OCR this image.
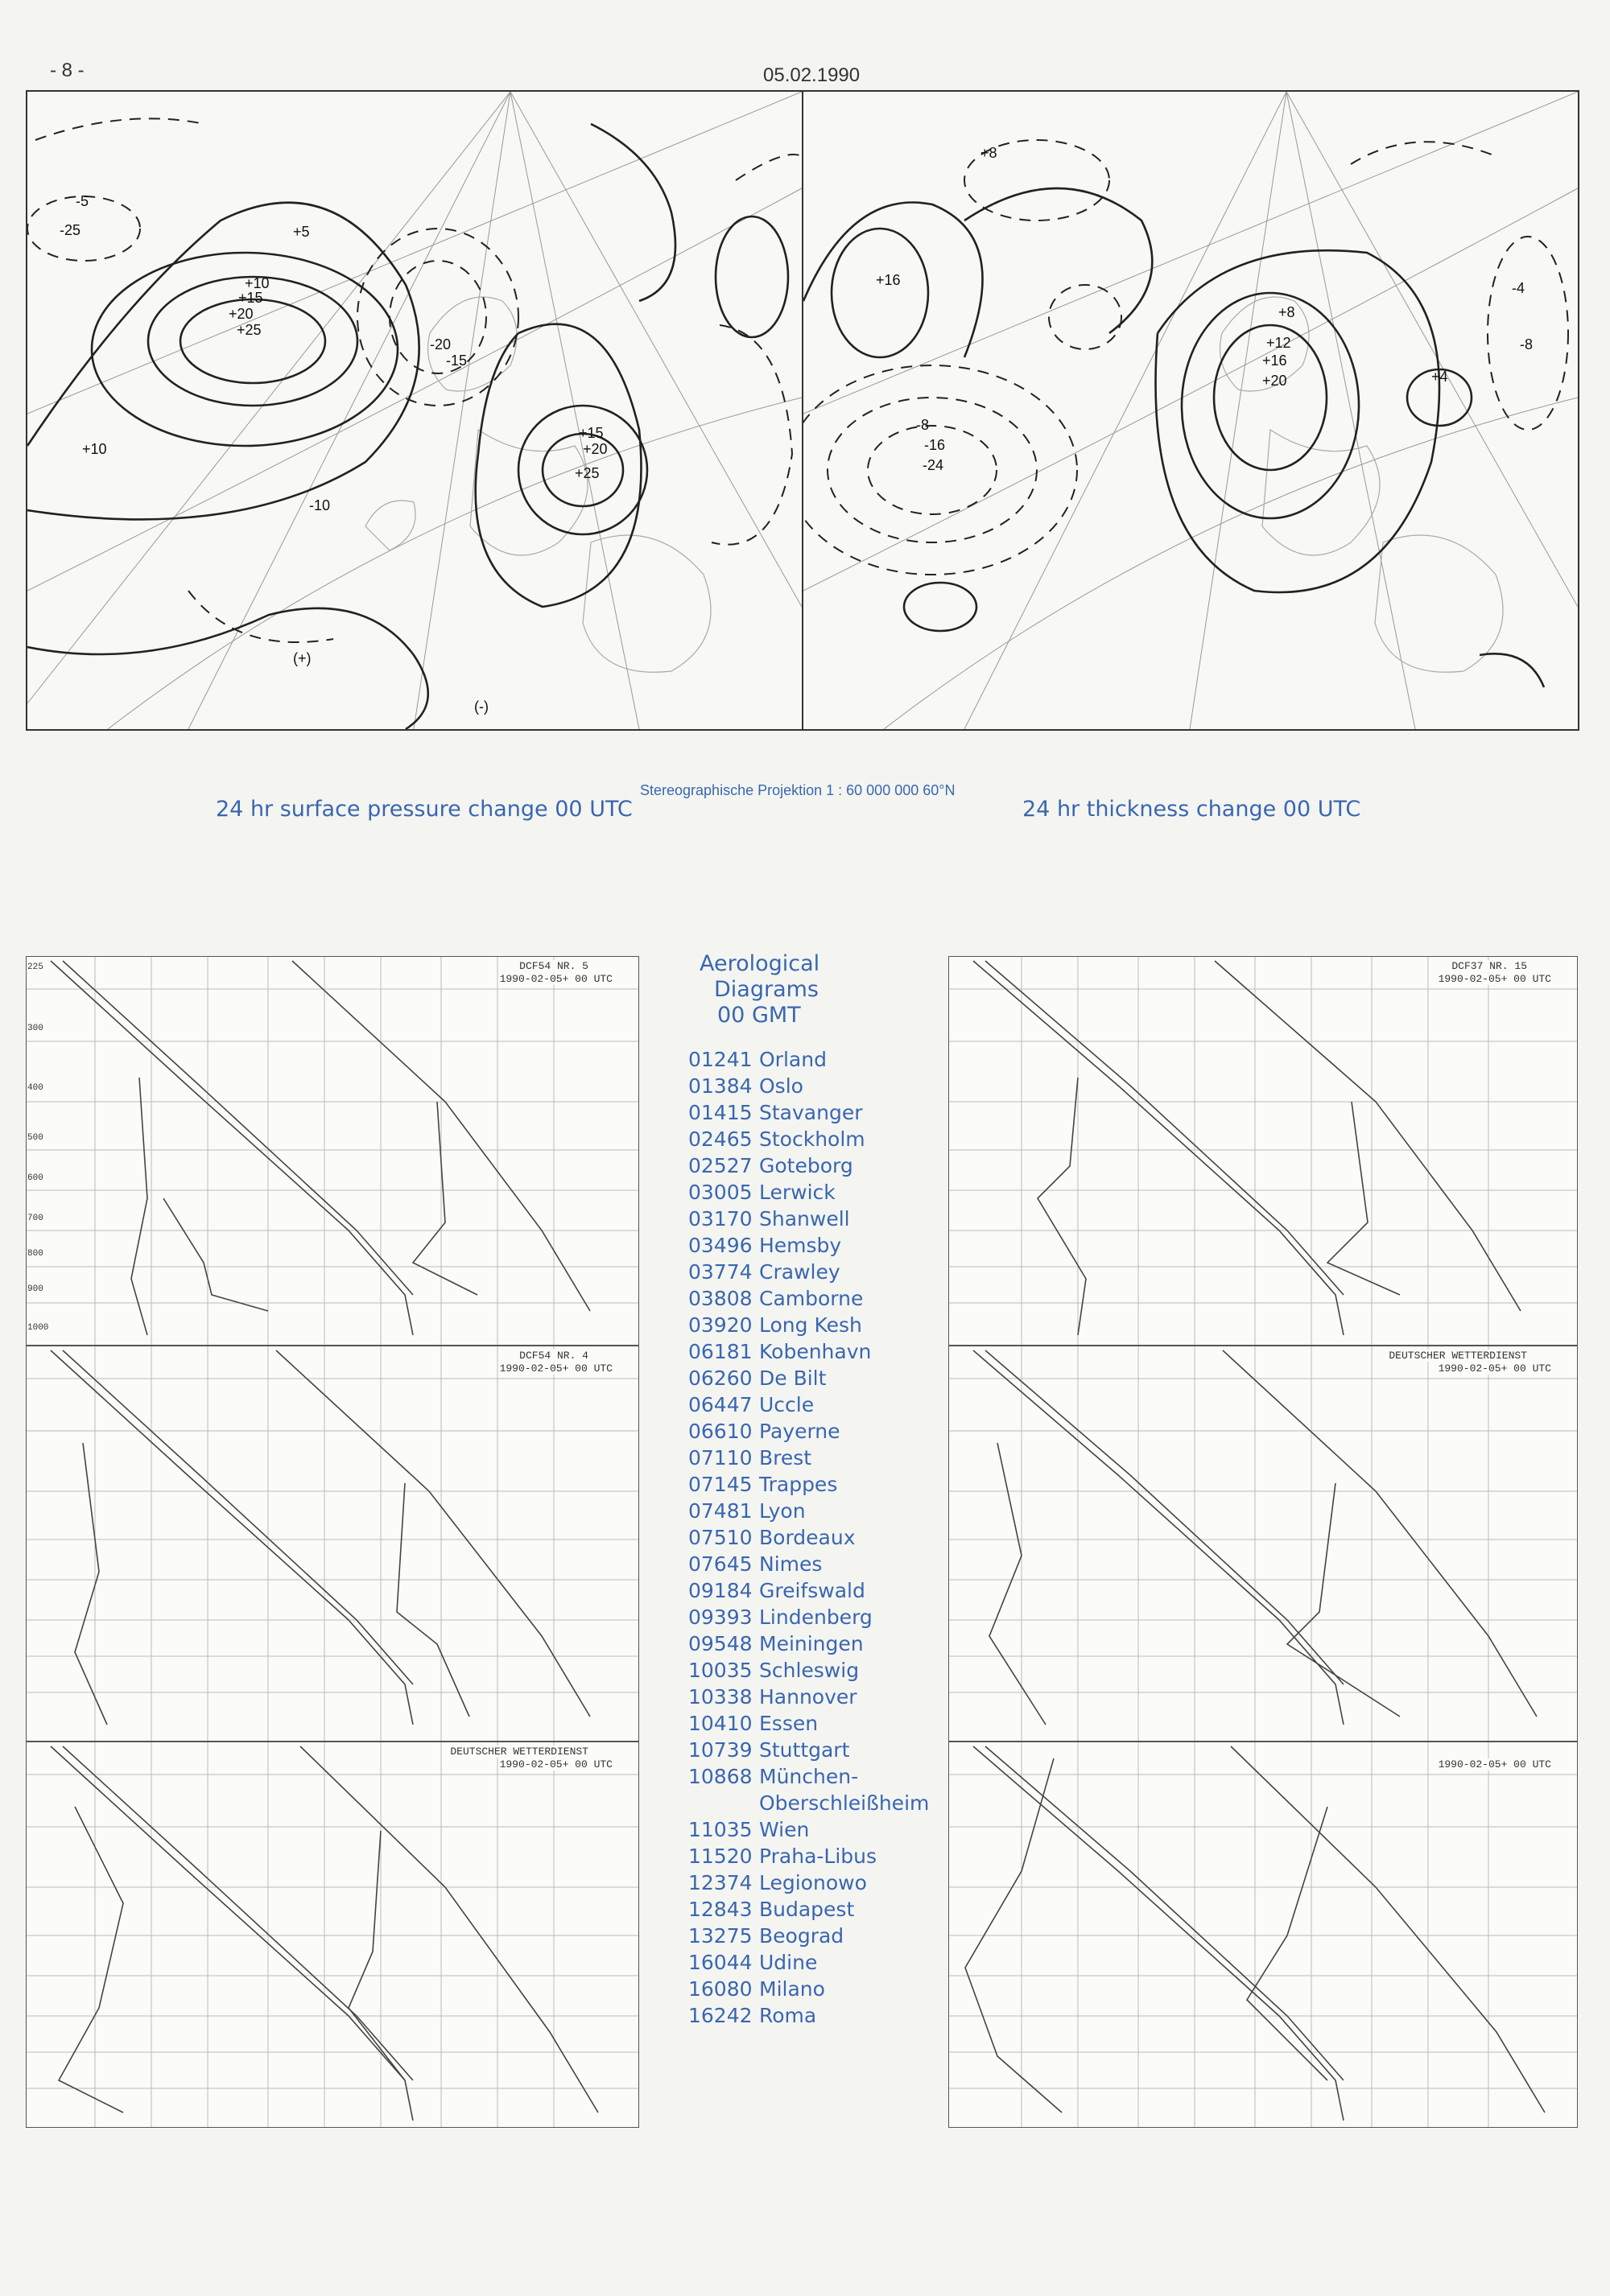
- 8 -	05.02.1990
+25
+20
+15
+10
+5
-5
-10
-15
-20
-25
+25
+20
+15
+10
(+)
(-)
+16
+8
-8
-16
-24
+20
+16
+12
+8
+4
-4
-8
24 hr surface pressure change 00 UTC
Stereographische Projektion 1 : 60 000 000 60°N
24 hr thickness change 00 UTC
DCF54 NR. 5
1990-02-05+ 00 UTC
DCF54 NR. 4
1990-02-05+ 00 UTC
DEUTSCHER WETTERDIENST
1990-02-05+ 00 UTC
DCF37 NR. 15
1990-02-05+ 00 UTC
DEUTSCHER WETTERDIENST
1990-02-05+ 00 UTC
1990-02-05+ 00 UTC
225
300
400
500
600
700
800
900
1000
Aerological
Diagrams
00 GMT
01241 Orland
01384 Oslo
01415 Stavanger
02465 Stockholm
02527 Goteborg
03005 Lerwick
03170 Shanwell
03496 Hemsby
03774 Crawley
03808 Camborne
03920 Long Kesh
06181 Kobenhavn
06260 De Bilt
06447 Uccle
06610 Payerne
07110 Brest
07145 Trappes
07481 Lyon
07510 Bordeaux
07645 Nimes
09184 Greifswald
09393 Lindenberg
09548 Meiningen
10035 Schleswig
10338 Hannover
10410 Essen
10739 Stuttgart
10868 München-
Oberschleißheim
11035 Wien
11520 Praha-Libus
12374 Legionowo
12843 Budapest
13275 Beograd
16044 Udine
16080 Milano
16242 Roma
